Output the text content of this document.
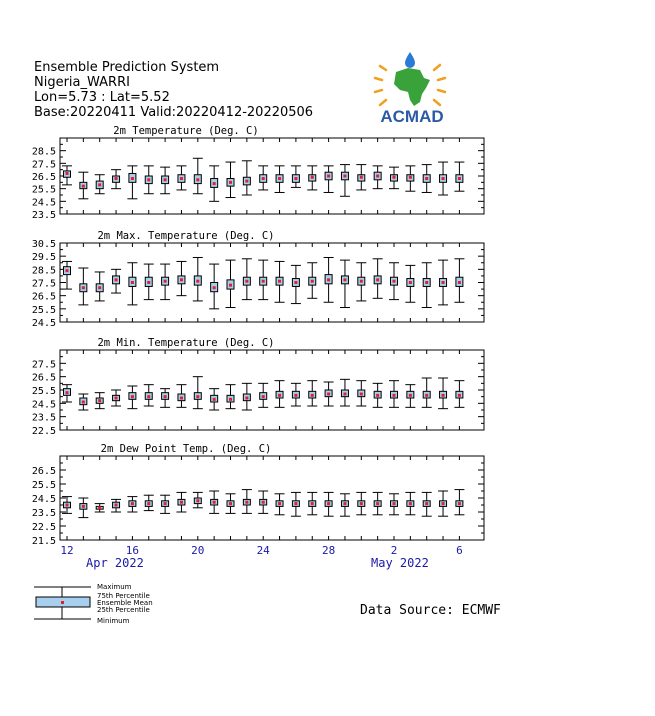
Ensemble Prediction System
Nigeria_WARRI
Lon=5.73 : Lat=5.52
Base:20220411 Valid:20220412-20220506	ACMAD
2m Temperature (Deg. C)
28.5
27.5
26.5
25.5
24.5
23.5
2m Max. Temperature (Deg. C)
30.5
29.5
28.5
27.5
26.5
25.5
24.5
2m Min. Temperature (Deg. C)
27.5
26.5
25.5
24.5
23.5
22.5
2m Dew Point Temp. (Deg. C)
26.5
25.5
24.5
23.5
22.5
21.5
12	16	20	24	28	2	6
Apr 2022	May 2022
Maximum
75th Percentile
Ensemble Mean
25th Percentile
Minimum
Data Source: ECMWF
